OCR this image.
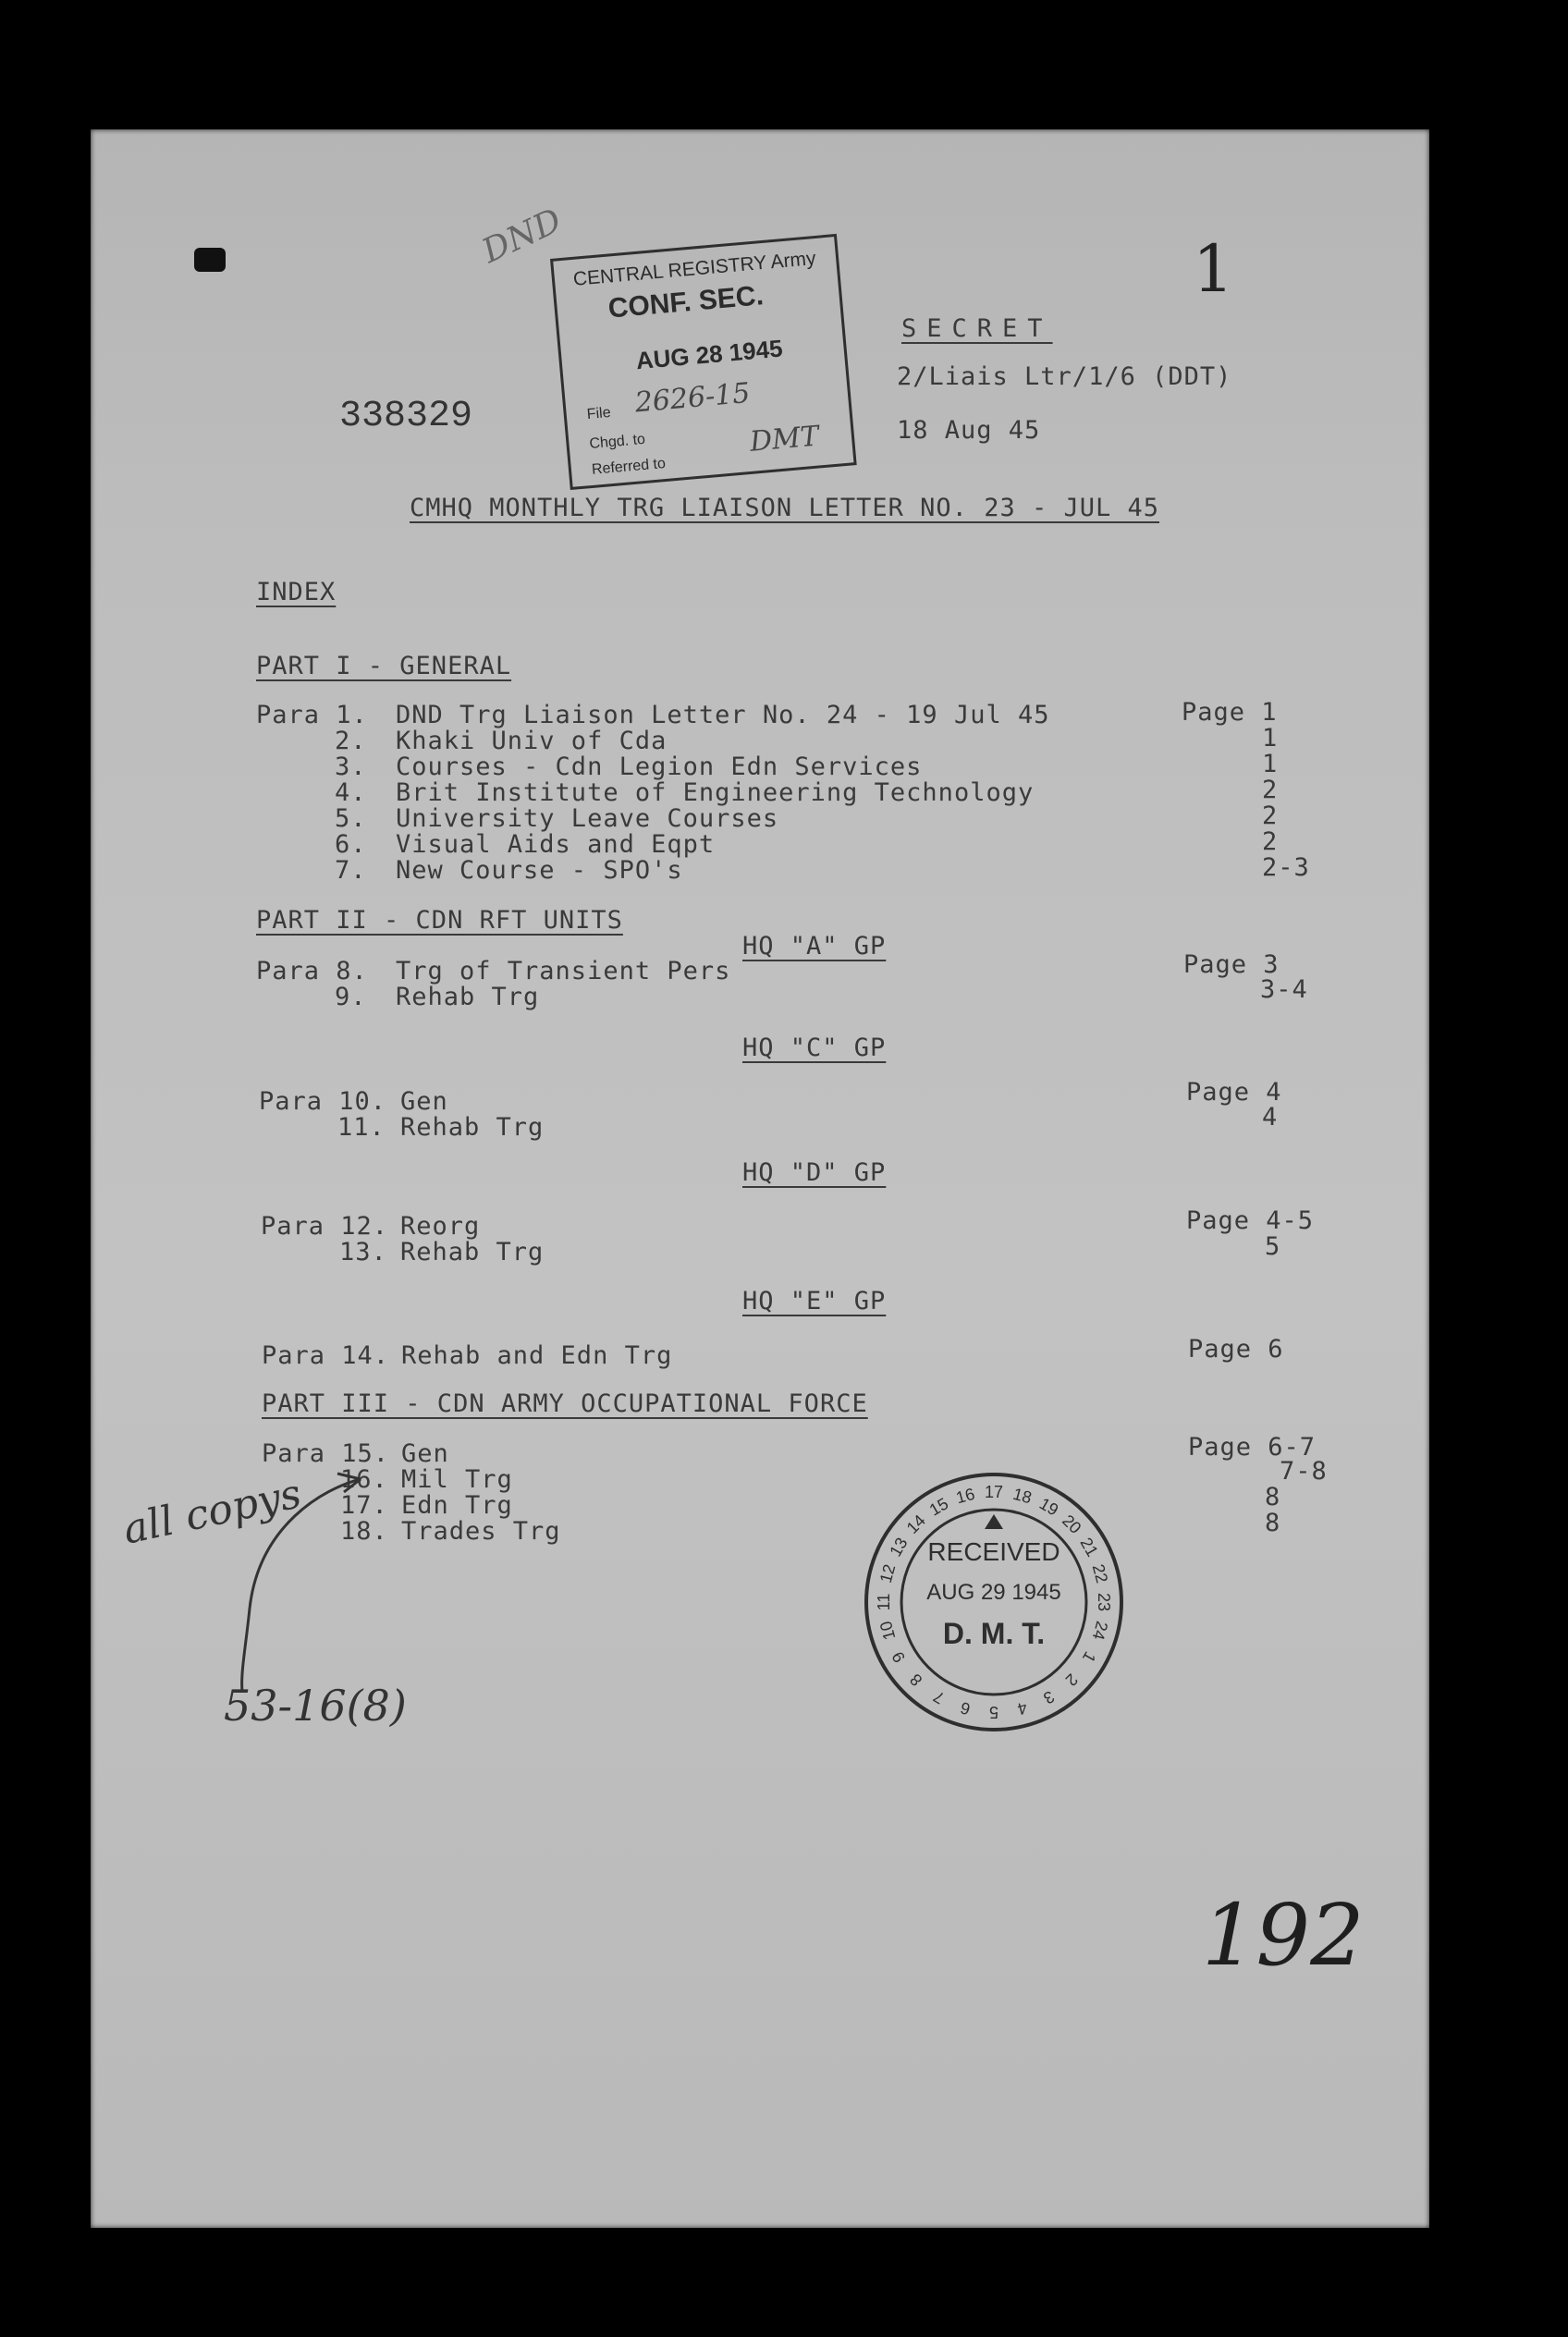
DND	1
338329
CENTRAL REGISTRY Army
CONF. SEC.
AUG 28 1945
File 2626-15
Chgd. to
Referred to
DMT
SECRET
2/Liais Ltr/1/6 (DDT)
18 Aug 45
CMHQ MONTHLY TRG LIAISON LETTER NO. 23 - JUL 45
INDEX
PART I - GENERAL
Para 1. DND Trg Liaison Letter No. 24 - 19 Jul 45	Page 1
2. Khaki Univ of Cda	1
3. Courses - Cdn Legion Edn Services	1
4. Brit Institute of Engineering Technology	2
5. University Leave Courses	2
6. Visual Aids and Eqpt	2
7. New Course - SPO's	2-3
PART II - CDN RFT UNITS
HQ "A" GP
Para 8. Trg of Transient Pers	Page 3
9. Rehab Trg	3-4
HQ "C" GP
Para 10. Gen	Page 4
11. Rehab Trg	4
HQ "D" GP
Para 12. Reorg	Page 4-5
13. Rehab Trg	5
HQ "E" GP
Para 14. Rehab and Edn Trg	Page 6
PART III - CDN ARMY OCCUPATIONAL FORCE
Para 15. Gen	Page 6-7
16. Mil Trg	7-8
17. Edn Trg	8
18. Trades Trg	8
all copys
53-16(8)
17 18 19
20
21
22
23
24
1
2
3
4
5
6
7
8
9
10
11
12
13
14
15 16
RECEIVED
AUG 29 1945
D. M. T.
192
